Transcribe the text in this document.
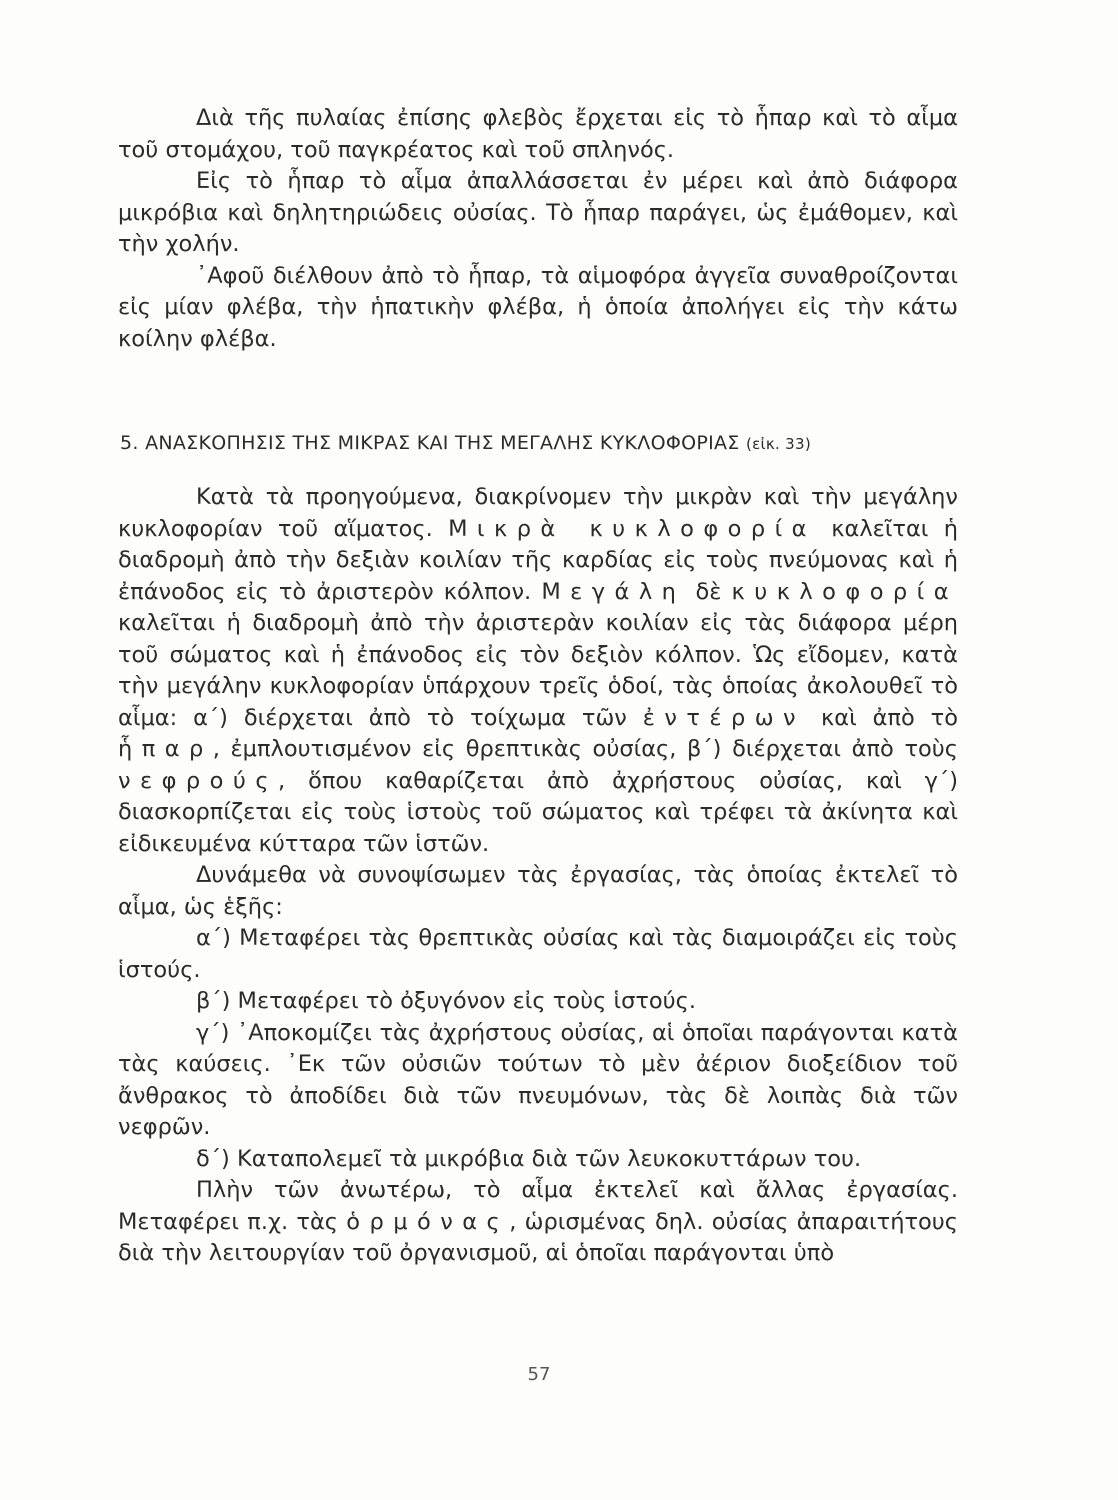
Διὰ τῆς πυλαίας ἐπίσης φλεβὸς ἔρχεται εἰς τὸ ἧπαρ καὶ τὸ αἷμα τοῦ στομάχου, τοῦ παγκρέατος καὶ τοῦ σπληνός.

Εἰς τὸ ἧπαρ τὸ αἷμα ἀπαλλάσσεται ἐν μέρει καὶ ἀπὸ διάφορα μικρόβια καὶ δηλητηριώδεις οὐσίας. Τὸ ἧπαρ παράγει, ὡς ἐμάθομεν, καὶ τὴν χολήν.

᾿Αφοῦ διέλθουν ἀπὸ τὸ ἧπαρ, τὰ αἱμοφόρα ἀγγεῖα συναθροίζονται εἰς μίαν φλέβα, τὴν ἡπατικὴν φλέβα, ἡ ὁποία ἀπολήγει εἰς τὴν κάτω κοίλην φλέβα.

5. ΑΝΑΣΚΟΠΗΣΙΣ ΤΗΣ ΜΙΚΡΑΣ ΚΑΙ ΤΗΣ ΜΕΓΑΛΗΣ ΚΥΚΛΟΦΟΡΙΑΣ (εἰκ. 33)

Κατὰ τὰ προηγούμενα, διακρίνομεν τὴν μικρὰν καὶ τὴν μεγάλην κυκλοφορίαν τοῦ αἵματος. Μικρὰ κυκλοφορία καλεῖται ἡ διαδρομὴ ἀπὸ τὴν δεξιὰν κοιλίαν τῆς καρδίας εἰς τοὺς πνεύμονας καὶ ἡ ἐπάνοδος εἰς τὸ ἀριστερὸν κόλπον. Μεγάλη δὲ κυκλοφορία καλεῖται ἡ διαδρομὴ ἀπὸ τὴν ἀριστερὰν κοιλίαν εἰς τὰς διάφορα μέρη τοῦ σώματος καὶ ἡ ἐπάνοδος εἰς τὸν δεξιὸν κόλπον. Ὡς εἴδομεν, κατὰ τὴν μεγάλην κυκλοφορίαν ὑπάρχουν τρεῖς ὁδοί, τὰς ὁποίας ἀκολουθεῖ τὸ αἷμα: α΄) διέρχεται ἀπὸ τὸ τοίχωμα τῶν ἐντέρων καὶ ἀπὸ τὸ ἧπαρ, ἐμπλουτισμένον εἰς θρεπτικὰς οὐσίας, β΄) διέρχεται ἀπὸ τοὺς νεφρούς, ὅπου καθαρίζεται ἀπὸ ἀχρήστους οὐσίας, καὶ γ΄) διασκορπίζεται εἰς τοὺς ἱστοὺς τοῦ σώματος καὶ τρέφει τὰ ἀκίνητα καὶ εἰδικευμένα κύτταρα τῶν ἱστῶν.

Δυνάμεθα νὰ συνοψίσωμεν τὰς ἐργασίας, τὰς ὁποίας ἐκτελεῖ τὸ αἷμα, ὡς ἑξῆς:

α΄) Μεταφέρει τὰς θρεπτικὰς οὐσίας καὶ τὰς διαμοιράζει εἰς τοὺς ἱστούς.

β΄) Μεταφέρει τὸ ὀξυγόνον εἰς τοὺς ἱστούς.

γ΄) ᾿Αποκομίζει τὰς ἀχρήστους οὐσίας, αἱ ὁποῖαι παράγονται κατὰ τὰς καύσεις. ᾿Εκ τῶν οὐσιῶν τούτων τὸ μὲν ἀέριον διοξείδιον τοῦ ἄνθρακος τὸ ἀποδίδει διὰ τῶν πνευμόνων, τὰς δὲ λοιπὰς διὰ τῶν νεφρῶν.

δ΄) Καταπολεμεῖ τὰ μικρόβια διὰ τῶν λευκοκυττάρων του.

Πλὴν τῶν ἀνωτέρω, τὸ αἷμα ἐκτελεῖ καὶ ἄλλας ἐργασίας. Μεταφέρει π.χ. τὰς ὁρμόνας, ὡρισμένας δηλ. οὐσίας ἀπαραιτήτους διὰ τὴν λειτουργίαν τοῦ ὀργανισμοῦ, αἱ ὁποῖαι παράγονται ὑπὸ

57
